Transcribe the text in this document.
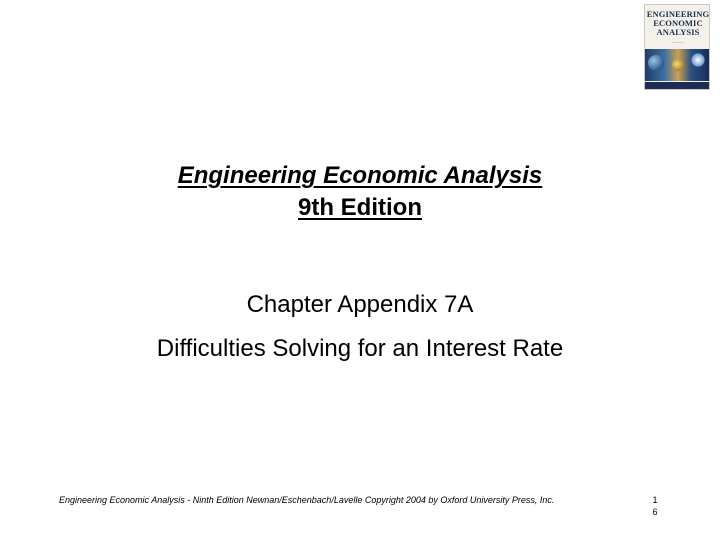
ENGINEERING
ECONOMIC
ANALYSIS
———
Engineering Economic Analysis
9th Edition
Chapter Appendix 7A
Difficulties Solving for an Interest Rate
Engineering Economic Analysis - Ninth Edition Newnan/Eschenbach/Lavelle Copyright 2004 by Oxford University Press, Inc.	1
6
